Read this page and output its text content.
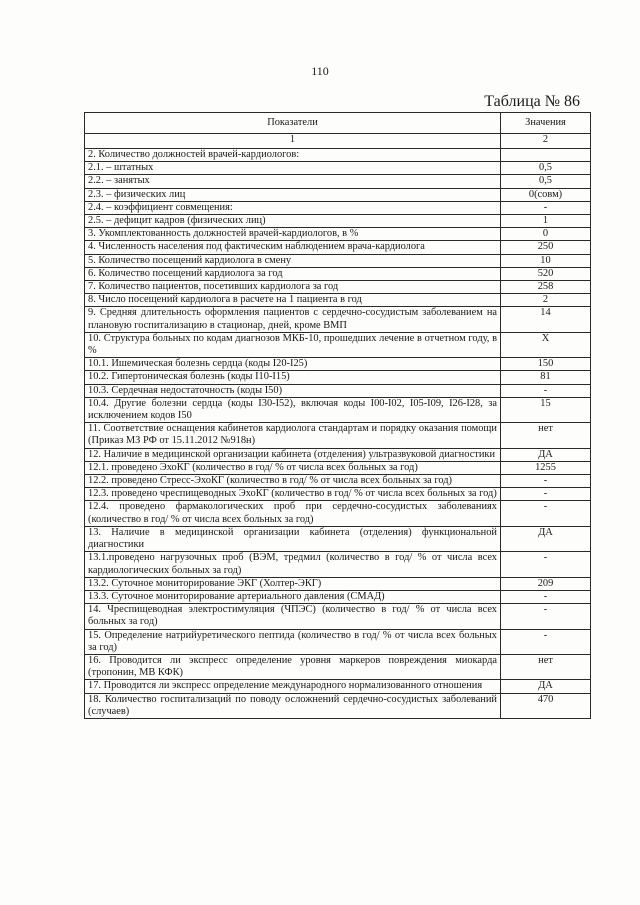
110
Таблица № 86
Показатели	Значения
1	2
2. Количество должностей врачей-кардиологов:	
2.1. – штатных	0,5
2.2. – занятых	0,5
2.3. – физических лиц	0(совм)
2.4. – коэффициент совмещения:	-
2.5. – дефицит кадров (физических лиц)	1
3. Укомплектованность должностей врачей-кардиологов, в %	0
4. Численность населения под фактическим наблюдением врача-кардиолога	250
5. Количество посещений кардиолога в смену	10
6. Количество посещений кардиолога за год	520
7. Количество пациентов, посетивших кардиолога за год	258
8. Число посещений кардиолога в расчете на 1 пациента в год	2
9. Средняя длительность оформления пациентов с сердечно-сосудистым заболеванием на плановую госпитализацию в стационар, дней, кроме ВМП	14
10. Структура больных по кодам диагнозов МКБ-10, прошедших лечение в отчетном году, в %	X
10.1. Ишемическая болезнь сердца (коды I20-I25)	150
10.2. Гипертоническая болезнь (коды I10-I15)	81
10.3. Сердечная недостаточность (коды I50)	-
10.4. Другие болезни сердца (коды I30-I52), включая коды I00-I02, I05-I09, I26-I28, за исключением кодов I50	15
11. Соответствие оснащения кабинетов кардиолога стандартам и порядку оказания помощи (Приказ МЗ РФ от 15.11.2012 №918н)	нет
12. Наличие в медицинской организации кабинета (отделения) ультразвуковой диагностики	ДА
12.1. проведено ЭхоКГ (количество в год/ % от числа всех больных за год)	1255
12.2. проведено Стресс-ЭхоКГ (количество в год/ % от числа всех больных за год)	-
12.3. проведено чреспищеводных ЭхоКГ (количество в год/ % от числа всех больных за год)	-
12.4. проведено фармакологических проб при сердечно-сосудистых заболеваниях (количество в год/ % от числа всех больных за год)	-
13. Наличие в медицинской организации кабинета (отделения) функциональной диагностики	ДА
13.1.проведено нагрузочных проб (ВЭМ, тредмил (количество в год/ % от числа всех кардиологических больных за год)	-
13.2. Суточное мониторирование ЭКГ (Холтер-ЭКГ)	209
13.3. Суточное мониторирование артериального давления (СМАД)	-
14. Чреспищеводная электростимуляция (ЧПЭС) (количество в год/ % от числа всех больных за год)	-
15. Определение натрийуретического пептида (количество в год/ % от числа всех больных за год)	-
16. Проводится ли экспресс определение уровня маркеров повреждения миокарда (тропонин, МВ КФК)	нет
17. Проводится ли экспресс определение международного нормализованного отношения	ДА
18. Количество госпитализаций по поводу осложнений сердечно-сосудистых заболеваний (случаев)	470
